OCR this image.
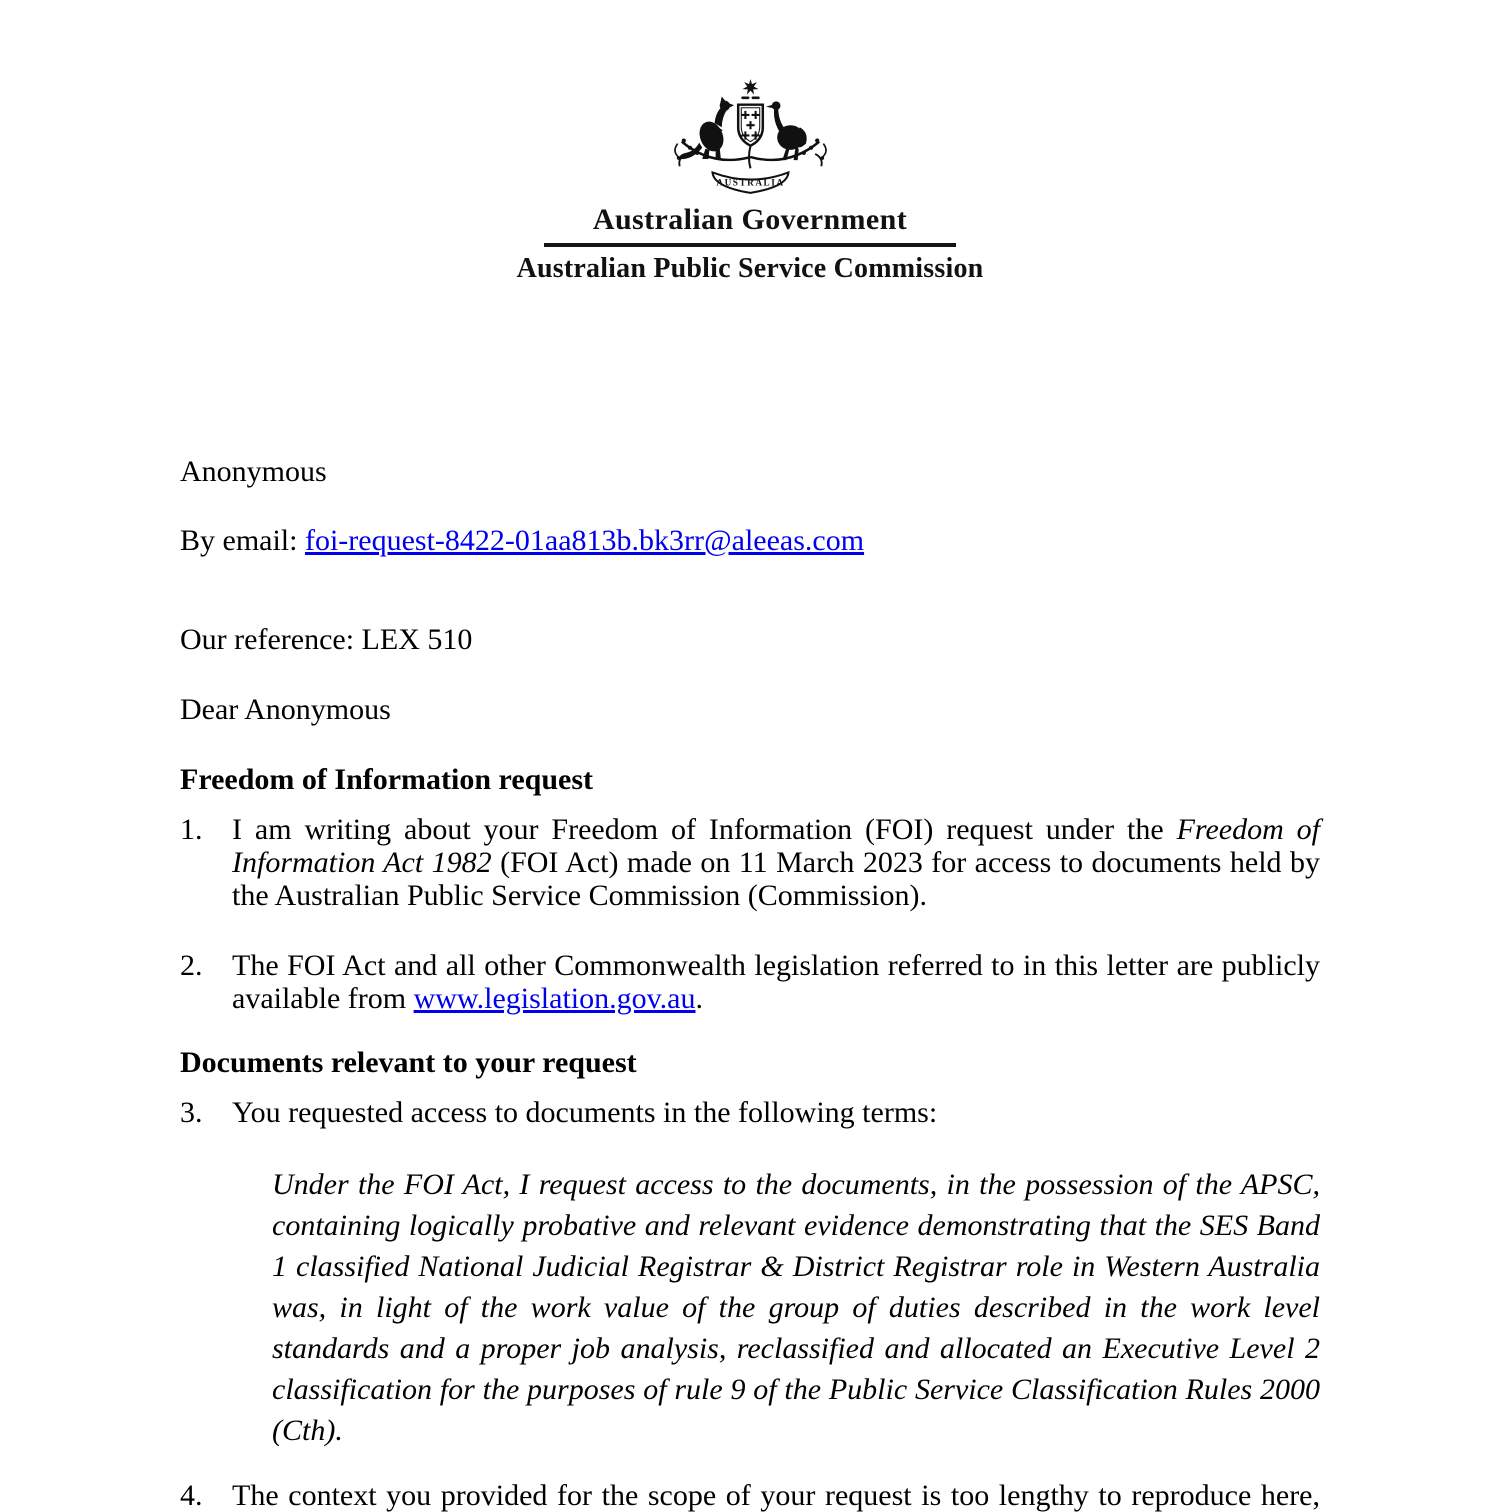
AUSTRALIA
Australian Government
Australian Public Service Commission

Anonymous

By email: foi-request-8422-01aa813b.bk3rr@aleeas.com

Our reference: LEX 510

Dear Anonymous

Freedom of Information request
1. I am writing about your Freedom of Information (FOI) request under the Freedom of Information Act 1982 (FOI Act) made on 11 March 2023 for access to documents held by the Australian Public Service Commission (Commission).
2. The FOI Act and all other Commonwealth legislation referred to in this letter are publicly available from www.legislation.gov.au.
Documents relevant to your request
3. You requested access to documents in the following terms:
Under the FOI Act, I request access to the documents, in the possession of the APSC, containing logically probative and relevant evidence demonstrating that the SES Band 1 classified National Judicial Registrar & District Registrar role in Western Australia was, in light of the work value of the group of duties described in the work level standards and a proper job analysis, reclassified and allocated an Executive Level 2 classification for the purposes of rule 9 of the Public Service Classification Rules 2000 (Cth).
4. The context you provided for the scope of your request is too lengthy to reproduce here,
